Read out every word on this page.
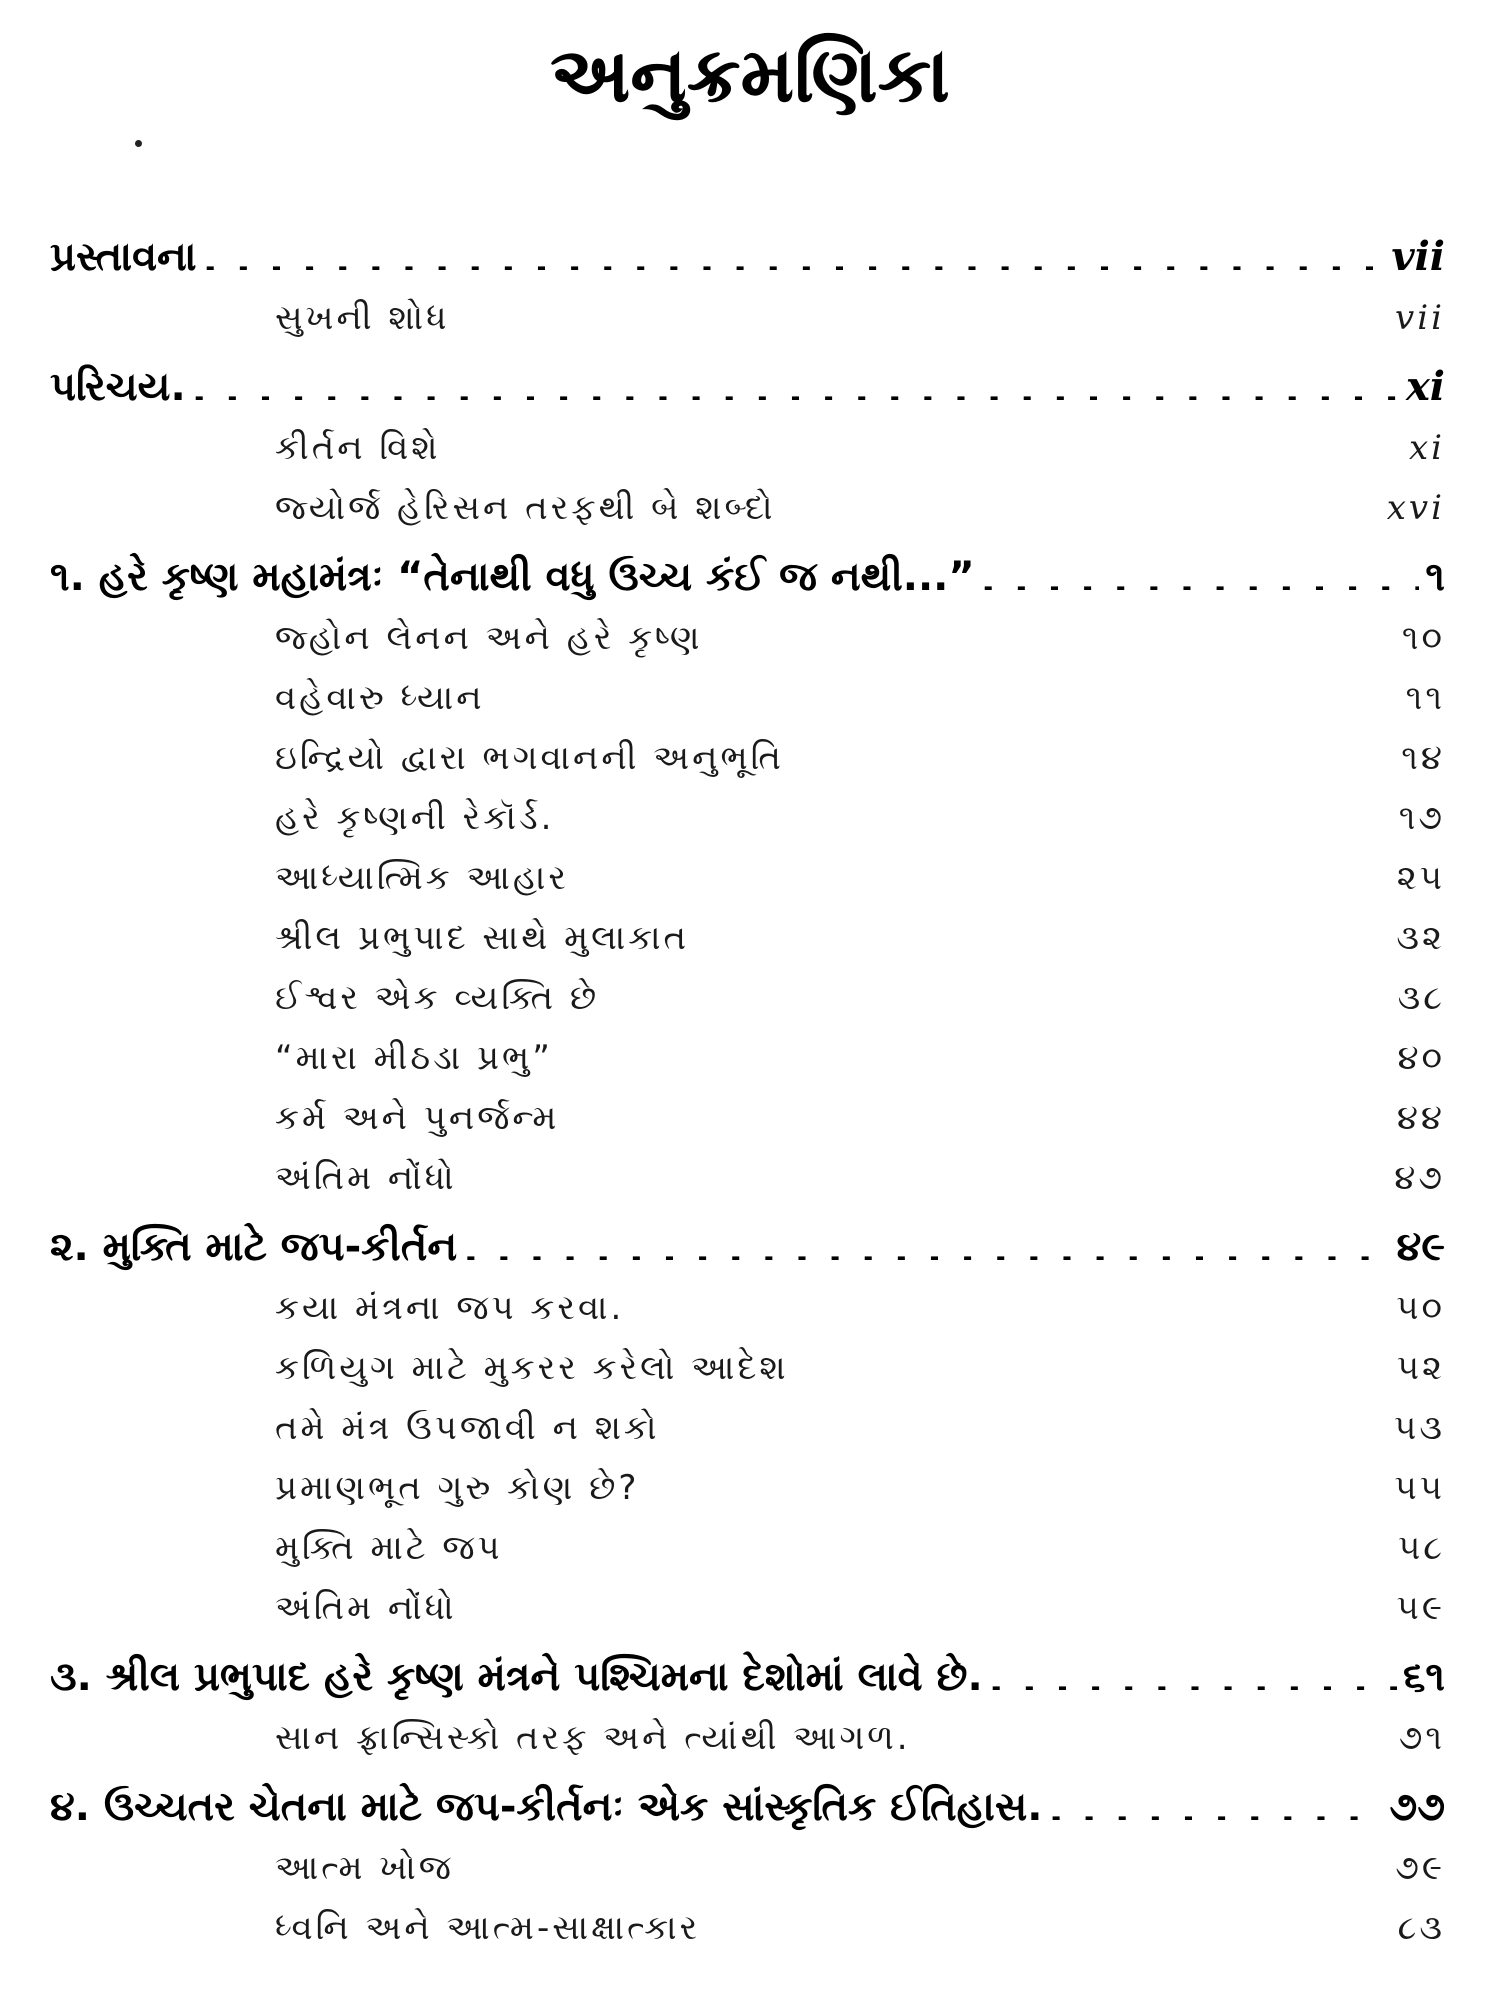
અનુક્રમણિકા
પ્રસ્તાવના . . .	vii
સુખની શોધ . . .	vii
પરિચય. . . .	xi
કીર્તન વિશે . . .	xi
જ્યોર્જ હેરિસન તરફથી બે શબ્દો . . .	xvi
૧. હરે કૃષ્ણ મહામંત્રઃ “તેનાથી વધુ ઉચ્ચ કંઈ જ નથી...” . . .	૧
જ્હોન લેનન અને હરે કૃષ્ણ . . .	૧૦
વહેવારુ ધ્યાન . . .	૧૧
ઇન્દ્રિયો દ્વારા ભગવાનની અનુભૂતિ . . .	૧૪
હરે કૃષ્ણની રેકૉર્ડ. . . .	૧૭
આધ્યાત્મિક આહાર . . .	૨૫
શ્રીલ પ્રભુપાદ સાથે મુલાકાત . . .	૩૨
ઈશ્વર એક વ્યક્તિ છે . . .	૩૮
“મારા મીઠડા પ્રભુ” . . .	૪૦
કર્મ અને પુનર્જન્મ . . .	૪૪
અંતિમ નોંધો . . .	૪૭
૨. મુક્તિ માટે જપ-કીર્તન . . .	૪૯
કયા મંત્રના જપ કરવા. . . .	૫૦
કળિયુગ માટે મુકરર કરેલો આદેશ . . .	૫૨
તમે મંત્ર ઉપજાવી ન શકો . . .	૫૩
પ્રમાણભૂત ગુરુ કોણ છે? . . .	૫૫
મુક્તિ માટે જપ . . .	૫૮
અંતિમ નોંધો . . .	૫૯
૩. શ્રીલ પ્રભુપાદ હરે કૃષ્ણ મંત્રને પશ્ચિમના દેશોમાં લાવે છે. . . .	૬૧
સાન ફ્રાન્સિસ્કો તરફ અને ત્યાંથી આગળ. . . .	૭૧
૪. ઉચ્ચતર ચેતના માટે જપ-કીર્તનઃ એક સાંસ્કૃતિક ઈતિહાસ. . . .	૭૭
આત્મ ખોજ . . .	૭૯
ધ્વનિ અને આત્મ-સાક્ષાત્કાર . . .	૮૩
